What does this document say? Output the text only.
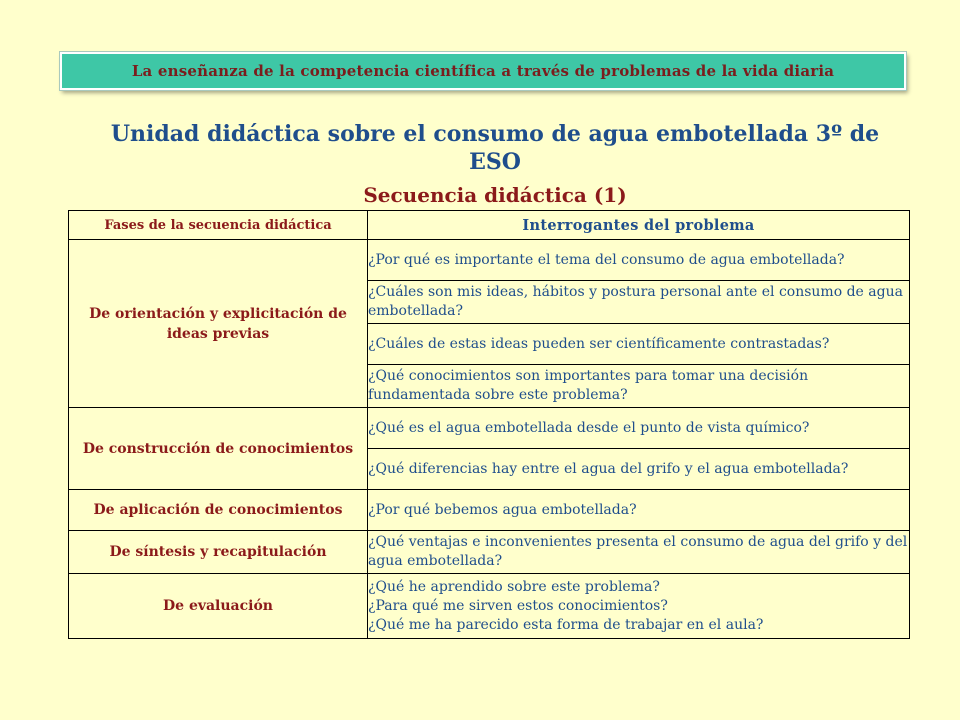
La enseñanza de la competencia científica a través de problemas de la vida diaria
Unidad didáctica sobre el consumo de agua embotellada 3º de ESO
Secuencia didáctica (1)
Fases de la secuencia didáctica	Interrogantes del problema
De orientación y explicitación de ideas previas	¿Por qué es importante el tema del consumo de agua embotellada?
	¿Cuáles son mis ideas, hábitos y postura personal ante el consumo de agua embotellada?
	¿Cuáles de estas ideas pueden ser científicamente contrastadas?
	¿Qué conocimientos son importantes para tomar una decisión fundamentada sobre este problema?
De construcción de conocimientos	¿Qué es el agua embotellada desde el punto de vista químico?
	¿Qué diferencias hay entre el agua del grifo y el agua embotellada?
De aplicación de conocimientos	¿Por qué bebemos agua embotellada?
De síntesis y recapitulación	¿Qué ventajas e inconvenientes presenta el consumo de agua del grifo y del agua embotellada?
De evaluación	¿Qué he aprendido sobre este problema?
¿Para qué me sirven estos conocimientos?
¿Qué me ha parecido esta forma de trabajar en el aula?
